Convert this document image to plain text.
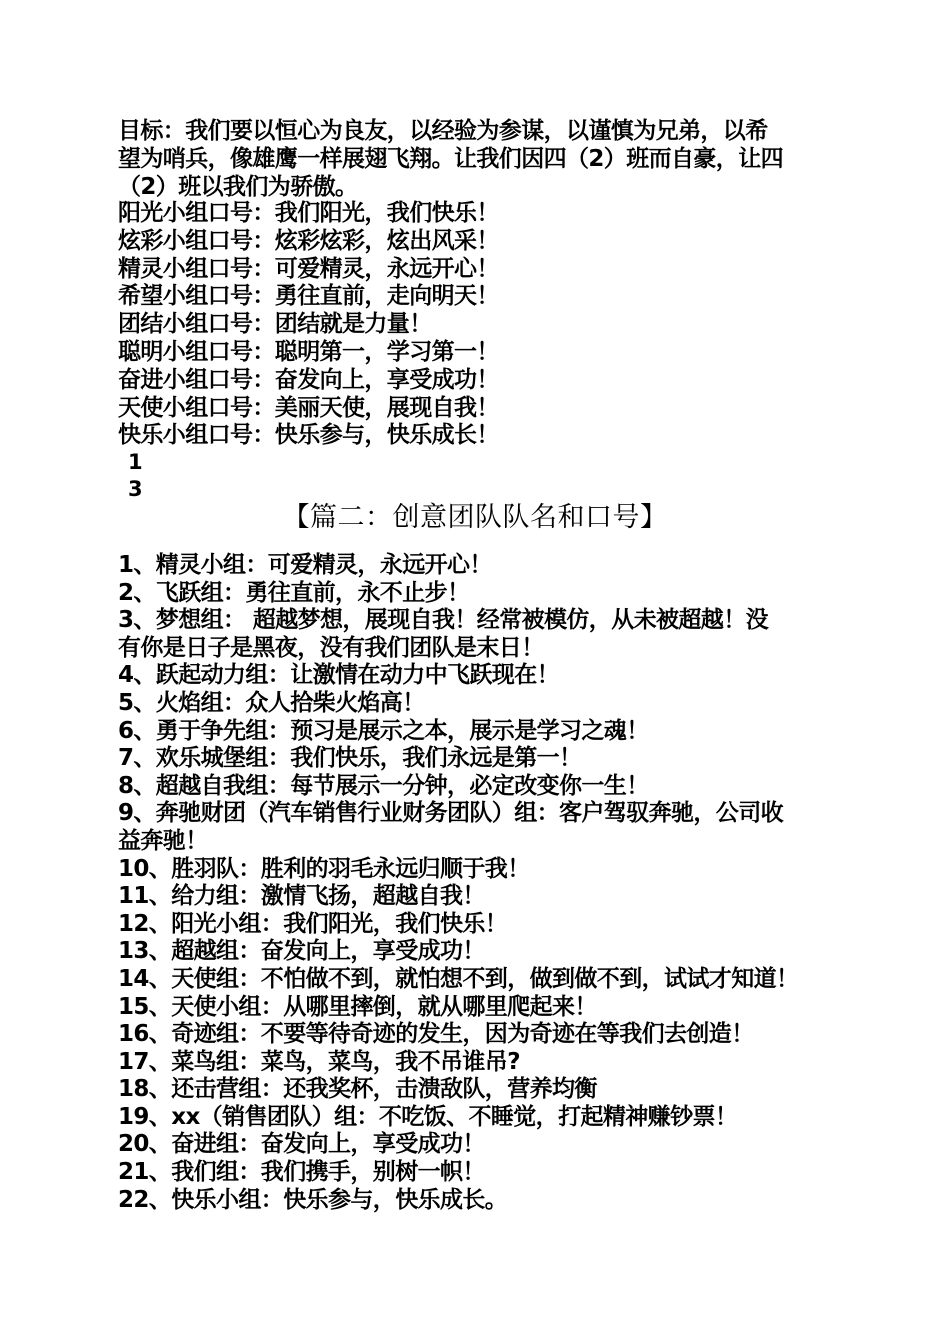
目标：我们要以恒心为良友，以经验为参谋，以谨慎为兄弟，以希

望为哨兵，像雄鹰一样展翅飞翔。让我们因四（2）班而自豪，让四

（2）班以我们为骄傲。

阳光小组口号：我们阳光，我们快乐！
炫彩小组口号：炫彩炫彩，炫出风采！
精灵小组口号：可爱精灵，永远开心！
希望小组口号：勇往直前，走向明天！
团结小组口号：团结就是力量！
聪明小组口号：聪明第一，学习第一！
奋进小组口号：奋发向上，享受成功！
天使小组口号：美丽天使，展现自我！
快乐小组口号：快乐参与，快乐成长！
1
3
【篇二：创意团队队名和口号】
1、精灵小组：可爱精灵，永远开心！
2、飞跃组：勇往直前，永不止步！
3、梦想组： 超越梦想，展现自我！经常被模仿，从未被超越！没
有你是日子是黑夜，没有我们团队是末日！
4、跃起动力组：让激情在动力中飞跃现在！
5、火焰组：众人拾柴火焰高！
6、勇于争先组：预习是展示之本，展示是学习之魂！
7、欢乐城堡组：我们快乐，我们永远是第一！
8、超越自我组：每节展示一分钟，必定改变你一生！
9、奔驰财团（汽车销售行业财务团队）组：客户驾驭奔驰，公司收
益奔驰！
10、胜羽队：胜利的羽毛永远归顺于我！
11、给力组：激情飞扬，超越自我！
12、阳光小组：我们阳光，我们快乐！
13、超越组：奋发向上，享受成功！
14、天使组：不怕做不到，就怕想不到，做到做不到，试试才知道！
15、天使小组：从哪里摔倒，就从哪里爬起来！
16、奇迹组：不要等待奇迹的发生，因为奇迹在等我们去创造！
17、菜鸟组：菜鸟，菜鸟，我不吊谁吊?
18、还击营组：还我奖杯，击溃敌队，营养均衡
19、xx（销售团队）组：不吃饭、不睡觉，打起精神赚钞票！
20、奋进组：奋发向上，享受成功！
21、我们组：我们携手，别树一帜！
22、快乐小组：快乐参与，快乐成长。
